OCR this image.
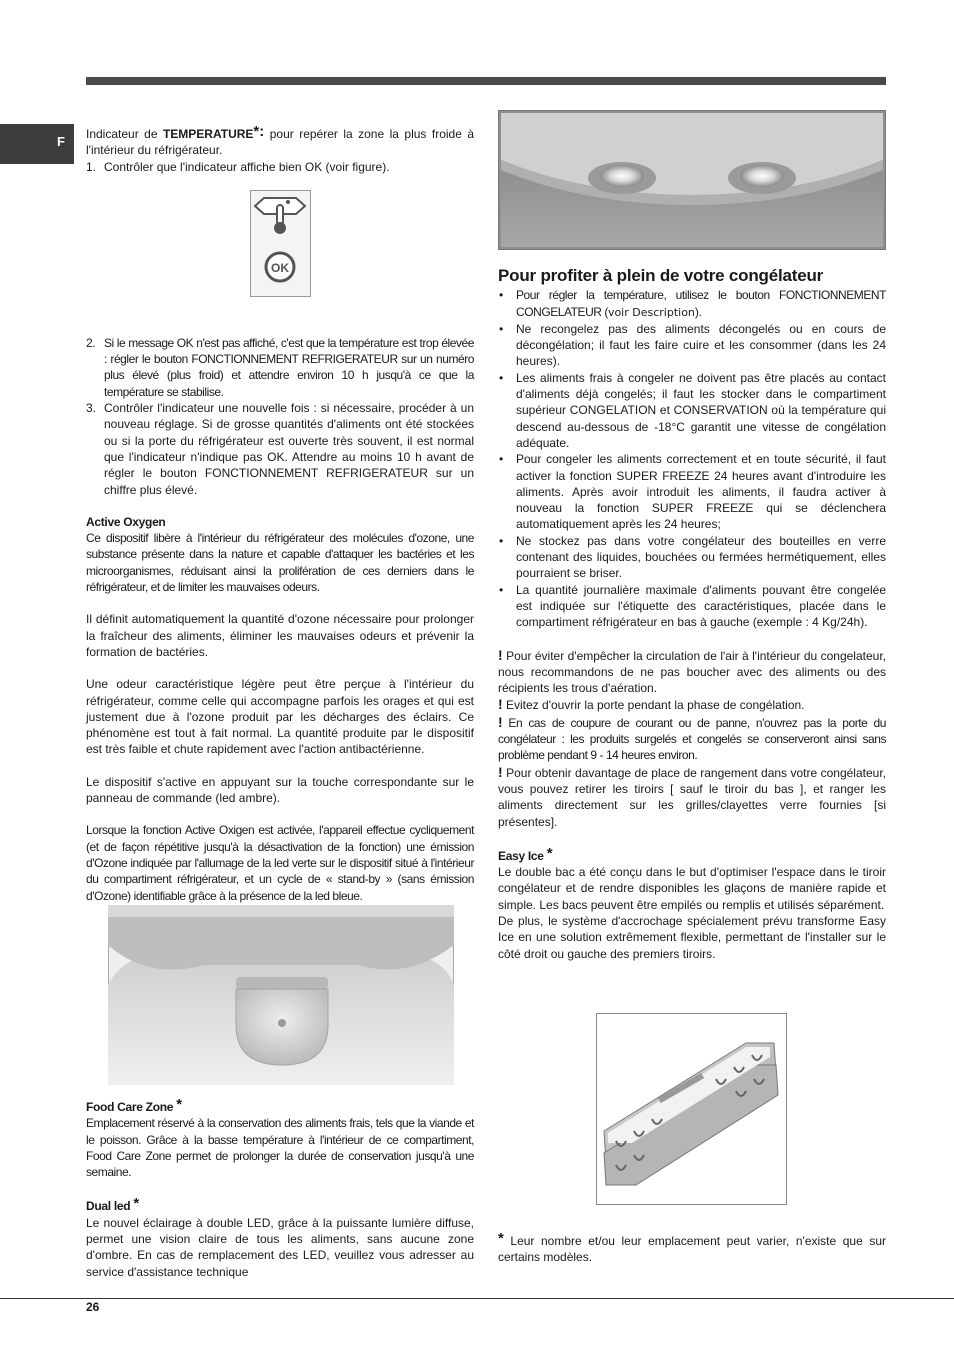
F	Indicateur de TEMPERATURE*: pour repérer la zone la plus froide à l'intérieur du réfrigérateur.

1. Contrôler que l'indicateur affiche bien OK (voir figure).
OK
2. Si le message OK n'est pas affiché, c'est que la température est trop élevée : régler le bouton FONCTIONNEMENT REFRIGERATEUR sur un numéro plus élevé (plus froid) et attendre environ 10 h jusqu'à ce que la température se stabilise.
3. Contrôler l'indicateur une nouvelle fois : si nécessaire, procéder à un nouveau réglage. Si de grosse quantités d'aliments ont été stockées ou si la porte du réfrigérateur est ouverte très souvent, il est normal que l'indicateur n'indique pas OK. Attendre au moins 10 h avant de régler le bouton FONCTIONNEMENT REFRIGERATEUR sur un chiffre plus élevé.

Active Oxygen

Ce dispositif libère à l'intérieur du réfrigérateur des molécules d'ozone, une substance présente dans la nature et capable d'attaquer les bactéries et les microorganismes, réduisant ainsi la prolifération de ces derniers dans le réfrigérateur, et de limiter les mauvaises odeurs.

Il définit automatiquement la quantité d'ozone nécessaire pour prolonger la fraîcheur des aliments, éliminer les mauvaises odeurs et prévenir la formation de bactéries.

Une odeur caractéristique légère peut être perçue à l'intérieur du réfrigérateur, comme celle qui accompagne parfois les orages et qui est justement due à l'ozone produit par les décharges des éclairs. Ce phénomène est tout à fait normal. La quantité produite par le dispositif est très faible et chute rapidement avec l'action antibactérienne.

Le dispositif s'active en appuyant sur la touche correspondante sur le panneau de commande (led ambre).

Lorsque la fonction Active Oxigen est activée, l'appareil effectue cycliquement (et de façon répétitive jusqu'à la désactivation de la fonction) une émission d'Ozone indiquée par l'allumage de la led verte sur le dispositif situé à l'intérieur du compartiment réfrigérateur, et un cycle de « stand-by » (sans émission d'Ozone) identifiable grâce à la présence de la led bleue.

Food Care Zone *

Emplacement réservé à la conservation des aliments frais, tels que la viande et le poisson. Grâce à la basse température à l'intérieur de ce compartiment, Food Care Zone permet de prolonger la durée de conservation jusqu'à une semaine.

Dual led *

Le nouvel éclairage à double LED, grâce à la puissante lumière diffuse, permet une vision claire de tous les aliments, sans aucune zone d'ombre. En cas de remplacement des LED, veuillez vous adresser au service d'assistance technique

Pour profiter à plein de votre congélateur

• Pour régler la température, utilisez le bouton FONCTIONNEMENT CONGELATEUR (voir Description).
• Ne recongelez pas des aliments décongelés ou en cours de décongélation; il faut les faire cuire et les consommer (dans les 24 heures).
• Les aliments frais à congeler ne doivent pas être placés au contact d'aliments déjà congelés; il faut les stocker dans le compartiment supérieur CONGELATION et CONSERVATION où la température qui descend au-dessous de -18°C garantit une vitesse de congélation adéquate.
• Pour congeler les aliments correctement et en toute sécurité, il faut activer la fonction SUPER FREEZE 24 heures avant d'introduire les aliments. Après avoir introduit les aliments, il faudra activer à nouveau la fonction SUPER FREEZE qui se déclenchera automatiquement après les 24 heures;
• Ne stockez pas dans votre congélateur des bouteilles en verre contenant des liquides, bouchées ou fermées hermétiquement, elles pourraient se briser.
• La quantité journalière maximale d'aliments pouvant être congelée est indiquée sur l'étiquette des caractéristiques, placée dans le compartiment réfrigérateur en bas à gauche (exemple : 4 Kg/24h).

! Pour éviter d'empêcher la circulation de l'air à l'intérieur du congelateur, nous recommandons de ne pas boucher avec des aliments ou des récipients les trous d'aération.

! Evitez d'ouvrir la porte pendant la phase de congélation.

! En cas de coupure de courant ou de panne, n'ouvrez pas la porte du congélateur : les produits surgelés et congelés se conserveront ainsi sans problème pendant 9 - 14 heures environ.

! Pour obtenir davantage de place de rangement dans votre congélateur, vous pouvez retirer les tiroirs [ sauf le tiroir du bas ], et ranger les aliments directement sur les grilles/clayettes verre fournies [si présentes].

Easy Ice *

Le double bac a été conçu dans le but d'optimiser l'espace dans le tiroir congélateur et de rendre disponibles les glaçons de manière rapide et simple. Les bacs peuvent être empilés ou remplis et utilisés séparément.

De plus, le système d'accrochage spécialement prévu transforme Easy Ice en une solution extrêmement flexible, permettant de l'installer sur le côté droit ou gauche des premiers tiroirs.

* Leur nombre et/ou leur emplacement peut varier, n'existe que sur certains modèles.

26
